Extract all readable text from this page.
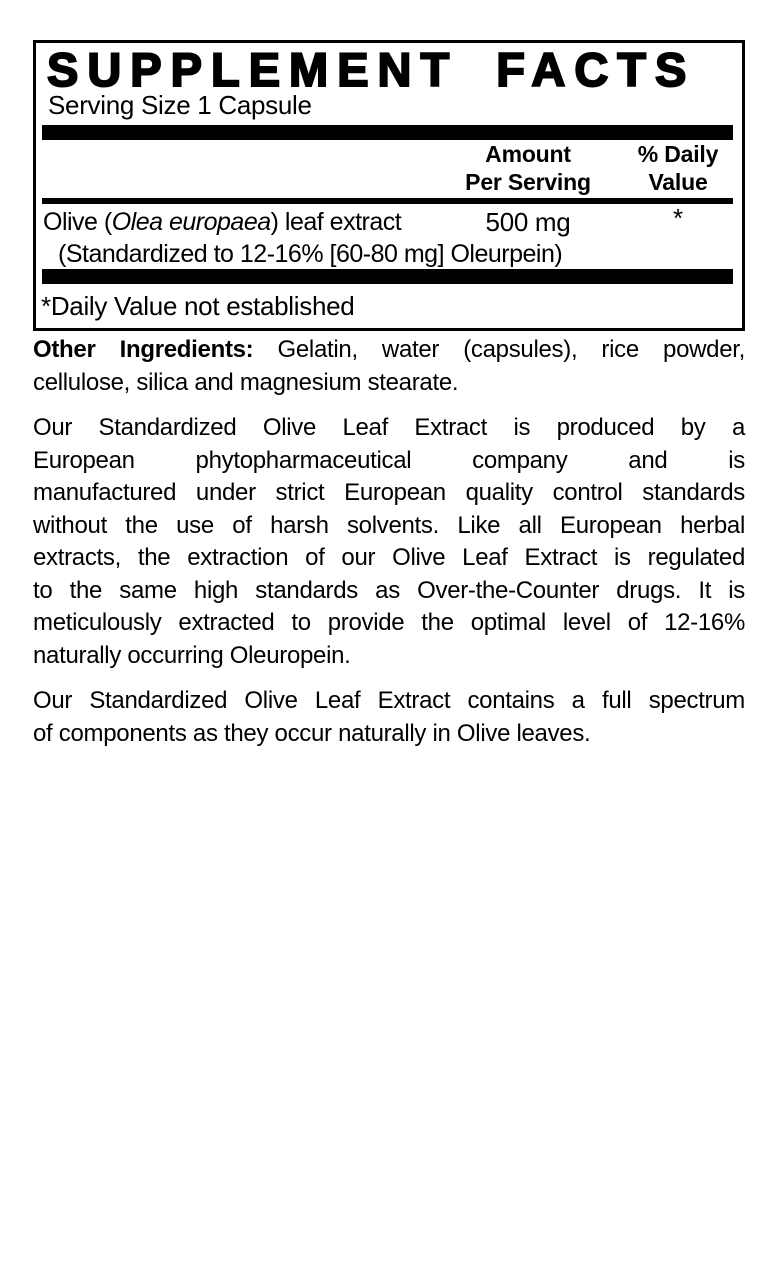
SUPPLEMENT FACTS
Serving Size 1 Capsule
Amount
Per Serving
% Daily
Value
Olive (Olea europaea) leaf extract	500 mg	*
(Standardized to 12-16% [60-80 mg] Oleurpein)
*Daily Value not established
Other Ingredients: Gelatin, water (capsules), rice powder,
cellulose, silica and magnesium stearate.
Our Standardized Olive Leaf Extract is produced by a
European phytopharmaceutical company and is
manufactured under strict European quality control standards
without the use of harsh solvents. Like all European herbal
extracts, the extraction of our Olive Leaf Extract is regulated
to the same high standards as Over-the-Counter drugs. It is
meticulously extracted to provide the optimal level of 12-16%
naturally occurring Oleuropein.
Our Standardized Olive Leaf Extract contains a full spectrum
of components as they occur naturally in Olive leaves.
